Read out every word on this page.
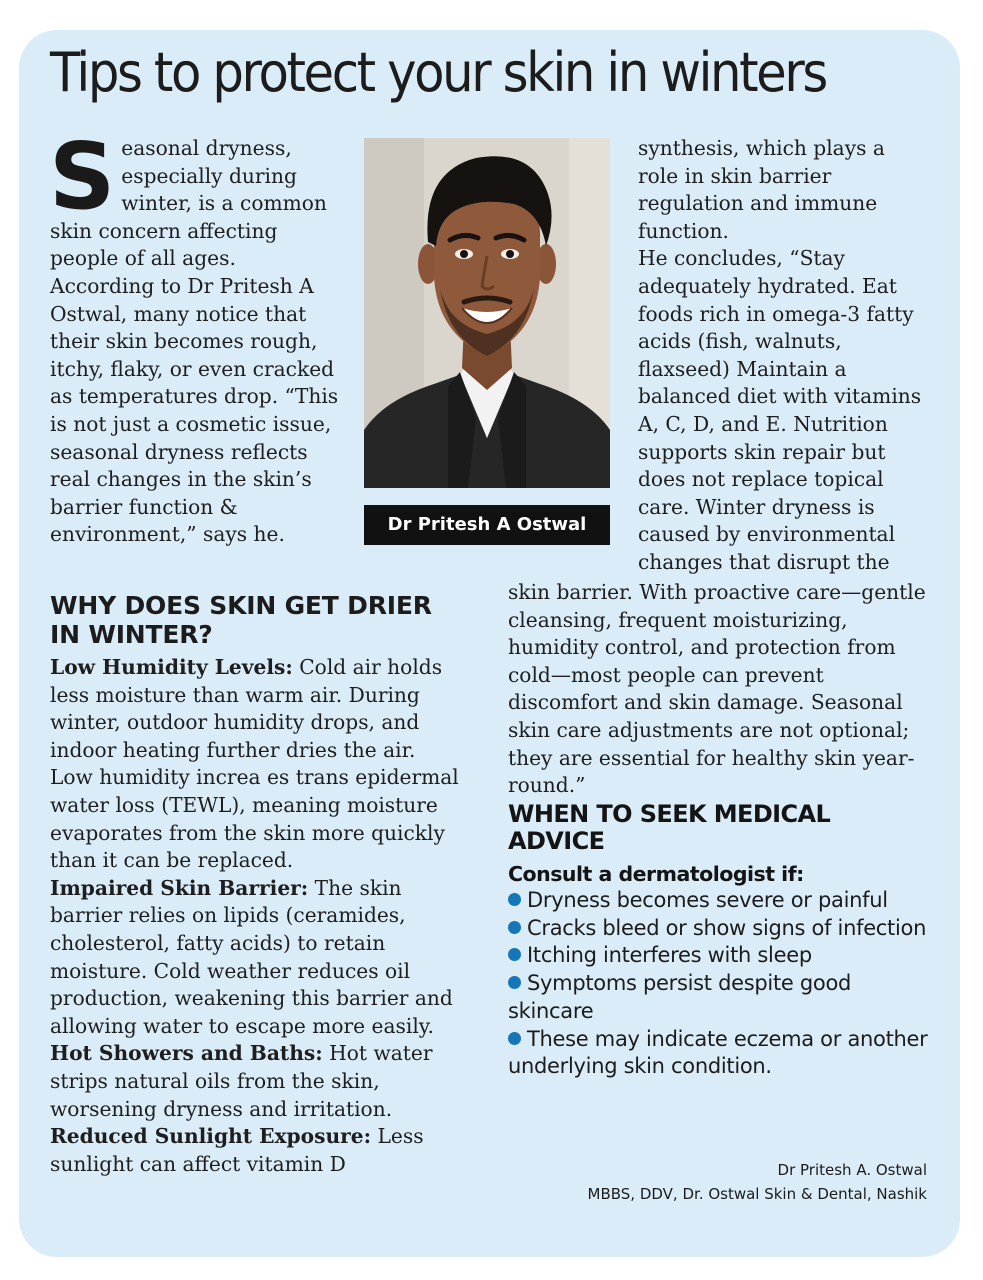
Tips to protect your skin in winters
S easonal dryness, especially during winter, is a common skin concern affecting people of all ages. According to Dr Pritesh A Ostwal, many notice that their skin becomes rough, itchy, flaky, or even cracked as temperatures drop. “This is not just a cosmetic issue, seasonal dryness reflects real changes in the skin’s barrier function & environment,” says he.

WHY DOES SKIN GET DRIER IN WINTER?

Low Humidity Levels: Cold air holds less moisture than warm air. During winter, outdoor humidity drops, and indoor heating further dries the air. Low humidity increa es trans epidermal water loss (TEWL), meaning moisture evaporates from the skin more quickly than it can be replaced.

Impaired Skin Barrier: The skin barrier relies on lipids (ceramides, cholesterol, fatty acids) to retain moisture. Cold weather reduces oil production, weakening this barrier and allowing water to escape more easily.

Hot Showers and Baths: Hot water strips natural oils from the skin, worsening dryness and irritation.

Reduced Sunlight Exposure: Less sunlight can affect vitamin D

Dr Pritesh A Ostwal

synthesis, which plays a role in skin barrier regulation and immune function.

He concludes, “Stay adequately hydrated. Eat foods rich in omega-3 fatty acids (fish, walnuts, flaxseed) Maintain a balanced diet with vitamins A, C, D, and E. Nutrition supports skin repair but does not replace topical care. Winter dryness is caused by environmental changes that disrupt the

skin barrier. With proactive care—gentle cleansing, frequent moisturizing, humidity control, and protection from cold—most people can prevent discomfort and skin damage. Seasonal skin care adjustments are not optional; they are essential for healthy skin year-round.”

WHEN TO SEEK MEDICAL ADVICE
Consult a dermatologist if:
Dryness becomes severe or painful
Cracks bleed or show signs of infection
Itching interferes with sleep
Symptoms persist despite good skincare
These may indicate eczema or another underlying skin condition.
Dr Pritesh A. Ostwal
MBBS, DDV, Dr. Ostwal Skin & Dental, Nashik
